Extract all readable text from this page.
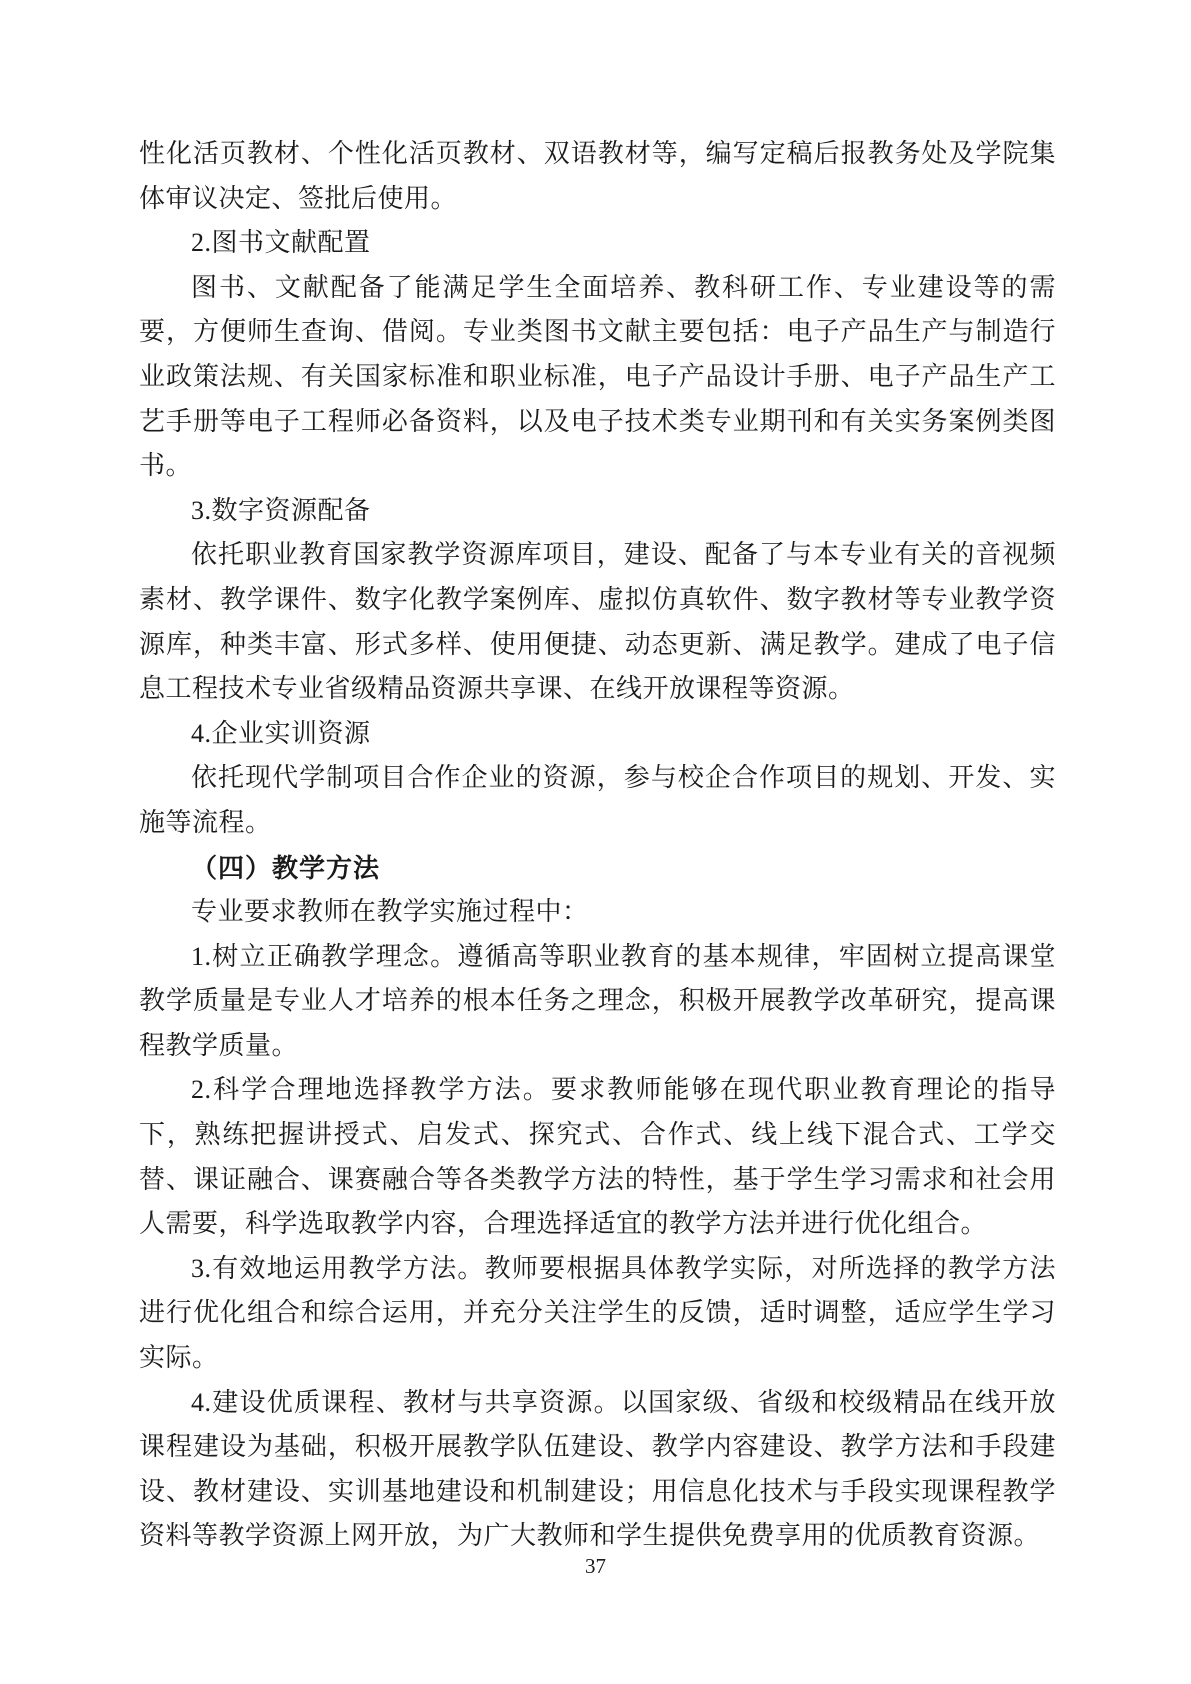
性化活页教材、个性化活页教材、双语教材等，编写定稿后报教务处及学院集体审议决定、签批后使用。

2.图书文献配置

图书、文献配备了能满足学生全面培养、教科研工作、专业建设等的需要，方便师生查询、借阅。专业类图书文献主要包括：电子产品生产与制造行业政策法规、有关国家标准和职业标准，电子产品设计手册、电子产品生产工艺手册等电子工程师必备资料，以及电子技术类专业期刊和有关实务案例类图书。

3.数字资源配备

依托职业教育国家教学资源库项目，建设、配备了与本专业有关的音视频素材、教学课件、数字化教学案例库、虚拟仿真软件、数字教材等专业教学资源库，种类丰富、形式多样、使用便捷、动态更新、满足教学。建成了电子信息工程技术专业省级精品资源共享课、在线开放课程等资源。

4.企业实训资源

依托现代学制项目合作企业的资源，参与校企合作项目的规划、开发、实施等流程。

（四）教学方法

专业要求教师在教学实施过程中：

1.树立正确教学理念。遵循高等职业教育的基本规律，牢固树立提高课堂教学质量是专业人才培养的根本任务之理念，积极开展教学改革研究，提高课程教学质量。

2.科学合理地选择教学方法。要求教师能够在现代职业教育理论的指导下，熟练把握讲授式、启发式、探究式、合作式、线上线下混合式、工学交替、课证融合、课赛融合等各类教学方法的特性，基于学生学习需求和社会用人需要，科学选取教学内容，合理选择适宜的教学方法并进行优化组合。

3.有效地运用教学方法。教师要根据具体教学实际，对所选择的教学方法进行优化组合和综合运用，并充分关注学生的反馈，适时调整，适应学生学习实际。

4.建设优质课程、教材与共享资源。以国家级、省级和校级精品在线开放课程建设为基础，积极开展教学队伍建设、教学内容建设、教学方法和手段建设、教材建设、实训基地建设和机制建设；用信息化技术与手段实现课程教学资料等教学资源上网开放，为广大教师和学生提供免费享用的优质教育资源。

37
